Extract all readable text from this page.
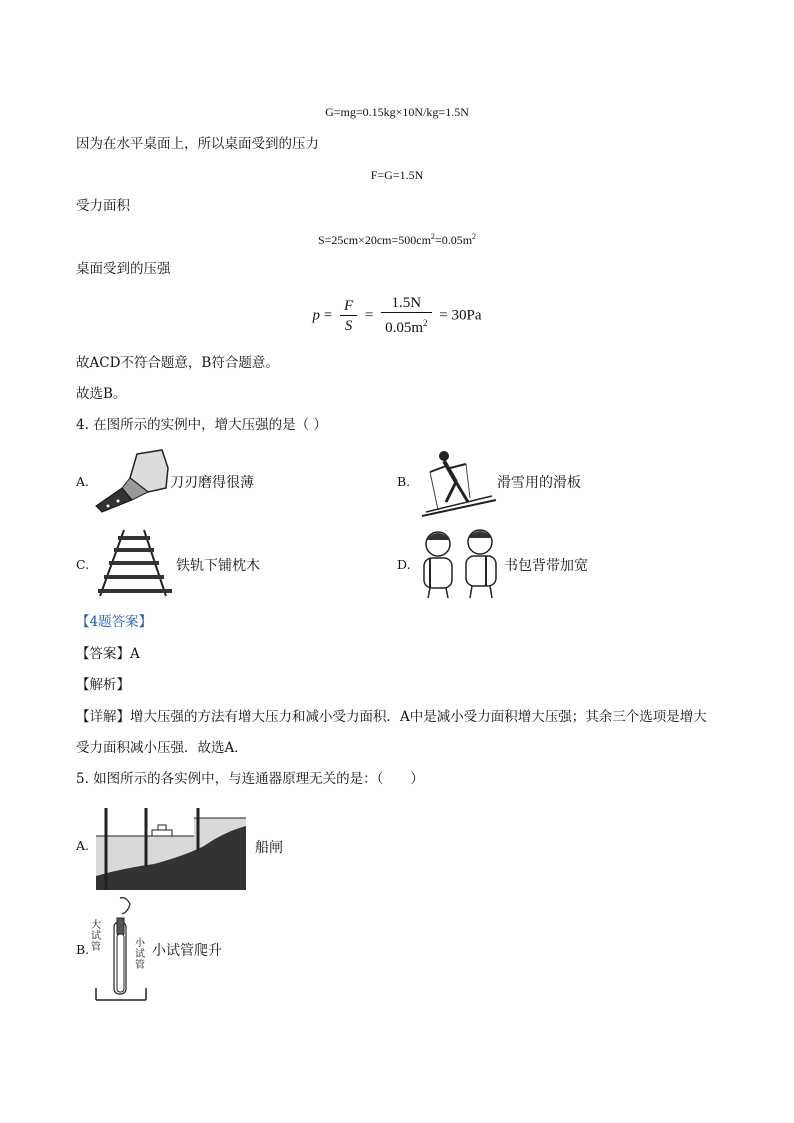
G=mg=0.15kg×10N/kg=1.5N
因为在水平桌面上，所以桌面受到的压力
F=G=1.5N
受力面积
$S=25cm\times 20cm=500cm^2=0.05m^2$
桌面受到的压强
$p = \frac{F}{S} = \frac{1.5N}{0.05m^2} = 30Pa$
故ACD不符合题意，B符合题意。
故选B。
4. 在图所示的实例中，增大压强的是（ ）
A.	刀刃磨得很薄	B.	滑雪用的滑板
C.	铁轨下铺枕木	D.	书包背带加宽
【4题答案】
【答案】A
【解析】
【详解】增大压强的方法有增大压力和减小受力面积．A中是减小受力面积增大压强；其余三个选项是增大
受力面积减小压强．故选A．
5. 如图所示的各实例中，与连通器原理无关的是：（　　）
A.	船闸
B.
大试管	小试管
小试管爬升
